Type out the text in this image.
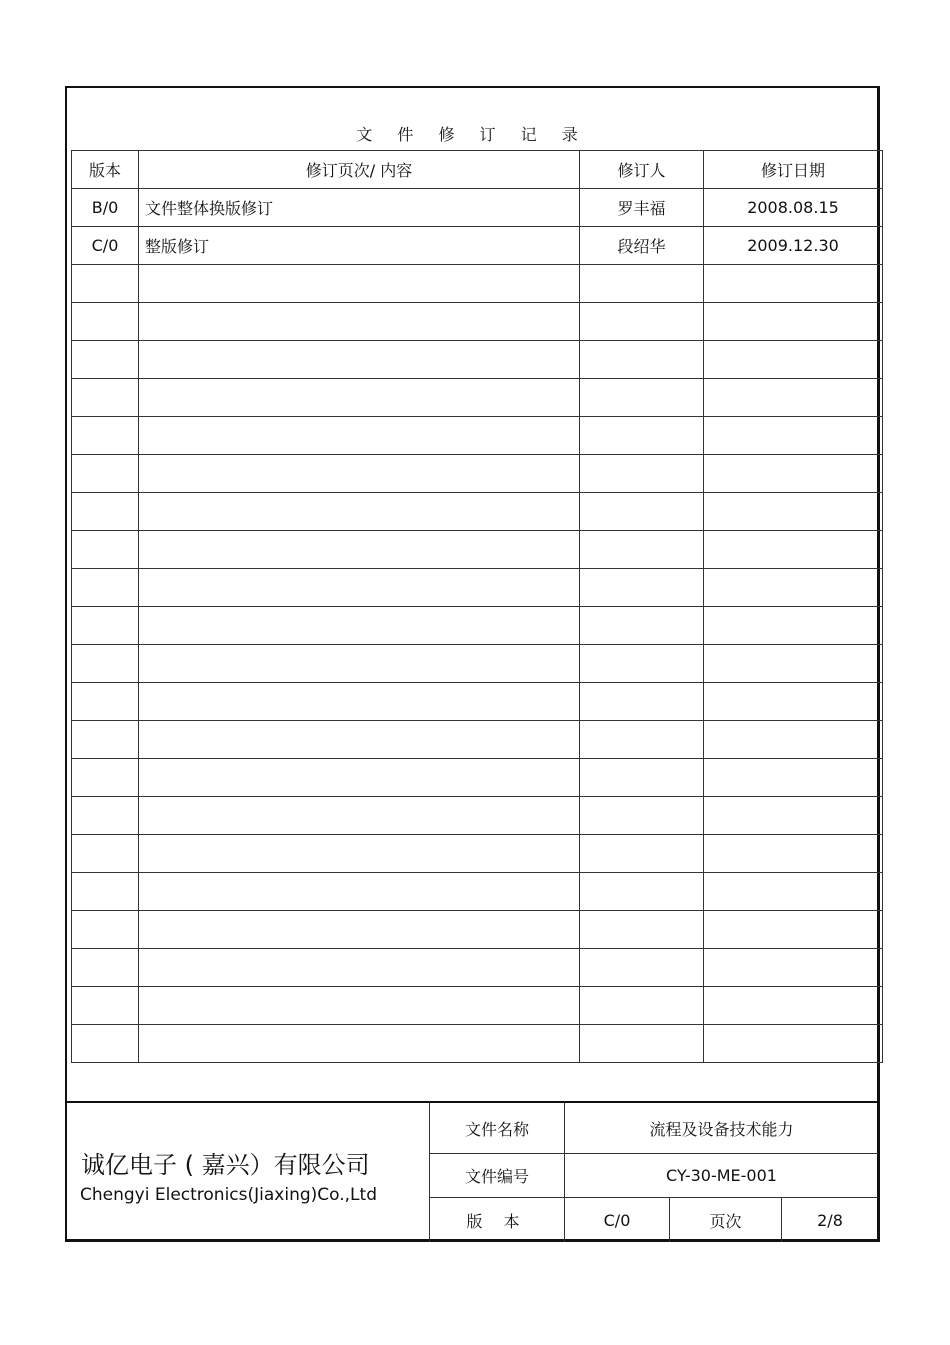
文 件 修 订 记 录
版本	修订页次/ 内容	修订人	修订日期
B/0	文件整体换版修订	罗丰福	2008.08.15
C/0	整版修订	段绍华	2009.12.30

诚亿电子 ( 嘉兴）有限公司
Chengyi Electronics(Jiaxing)Co.,Ltd
文件名称	流程及设备技术能力
文件编号	CY-30-ME-001
版 本	C/0	页次	2/8
